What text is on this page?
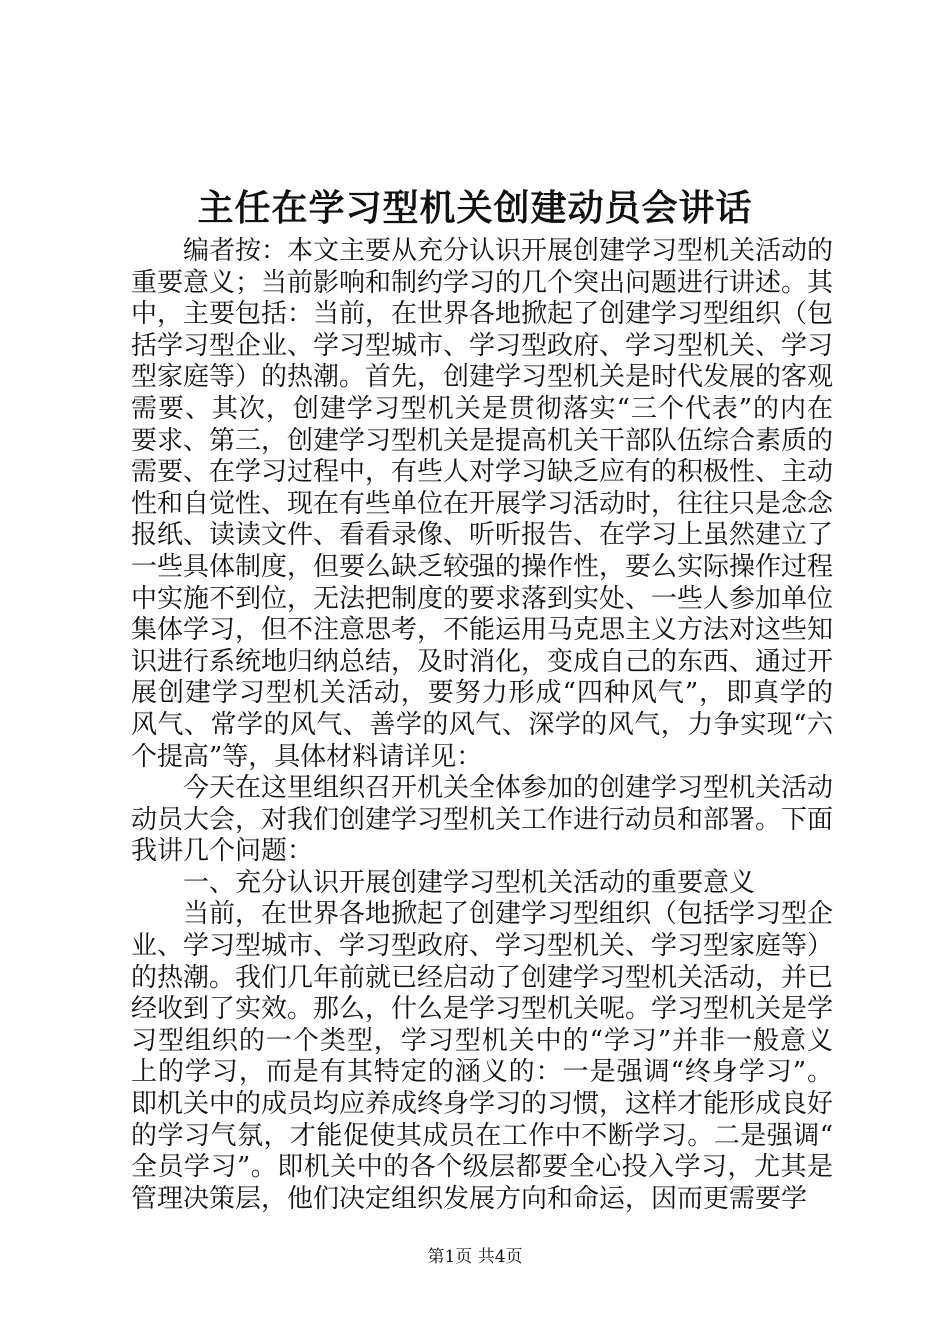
主任在学习型机关创建动员会讲话

编者按：本文主要从充分认识开展创建学习型机关活动的重要意义；当前影响和制约学习的几个突出问题进行讲述。其中，主要包括：当前，在世界各地掀起了创建学习型组织（包括学习型企业、学习型城市、学习型政府、学习型机关、学习型家庭等）的热潮。首先，创建学习型机关是时代发展的客观需要、其次，创建学习型机关是贯彻落实“三个代表”的内在要求、第三，创建学习型机关是提高机关干部队伍综合素质的需要、在学习过程中，有些人对学习缺乏应有的积极性、主动性和自觉性、现在有些单位在开展学习活动时，往往只是念念报纸、读读文件、看看录像、听听报告、在学习上虽然建立了一些具体制度，但要么缺乏较强的操作性，要么实际操作过程中实施不到位，无法把制度的要求落到实处、一些人参加单位集体学习，但不注意思考，不能运用马克思主义方法对这些知识进行系统地归纳总结，及时消化，变成自己的东西、通过开展创建学习型机关活动，要努力形成“四种风气”，即真学的风气、常学的风气、善学的风气、深学的风气，力争实现“六个提高”等，具体材料请详见：

今天在这里组织召开机关全体参加的创建学习型机关活动动员大会，对我们创建学习型机关工作进行动员和部署。下面我讲几个问题：

一、充分认识开展创建学习型机关活动的重要意义

当前，在世界各地掀起了创建学习型组织（包括学习型企业、学习型城市、学习型政府、学习型机关、学习型家庭等）的热潮。我们几年前就已经启动了创建学习型机关活动，并已经收到了实效。那么，什么是学习型机关呢。学习型机关是学习型组织的一个类型，学习型机关中的“学习”并非一般意义上的学习，而是有其特定的涵义的：一是强调“终身学习”。即机关中的成员均应养成终身学习的习惯，这样才能形成良好的学习气氛，才能促使其成员在工作中不断学习。二是强调“全员学习”。即机关中的各个级层都要全心投入学习，尤其是管理决策层，他们决定组织发展方向和命运，因而更需要学

第1页 共4页
